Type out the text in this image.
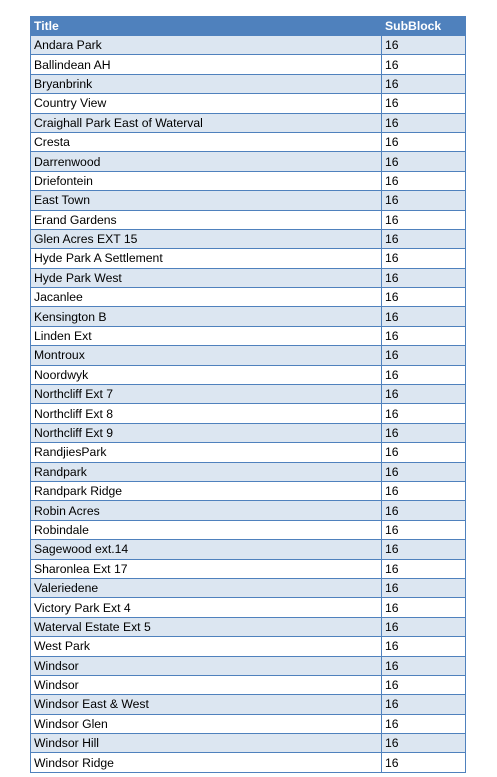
Title	SubBlock
Andara Park	16
Ballindean AH	16
Bryanbrink	16
Country View	16
Craighall Park East of Waterval	16
Cresta	16
Darrenwood	16
Driefontein	16
East Town	16
Erand Gardens	16
Glen Acres EXT 15	16
Hyde Park A Settlement	16
Hyde Park West	16
Jacanlee	16
Kensington B	16
Linden Ext	16
Montroux	16
Noordwyk	16
Northcliff Ext 7	16
Northcliff Ext 8	16
Northcliff Ext 9	16
RandjiesPark	16
Randpark	16
Randpark Ridge	16
Robin Acres	16
Robindale	16
Sagewood ext.14	16
Sharonlea Ext 17	16
Valeriedene	16
Victory Park Ext 4	16
Waterval Estate Ext 5	16
West Park	16
Windsor	16
Windsor	16
Windsor East & West	16
Windsor Glen	16
Windsor Hill	16
Windsor Ridge	16
